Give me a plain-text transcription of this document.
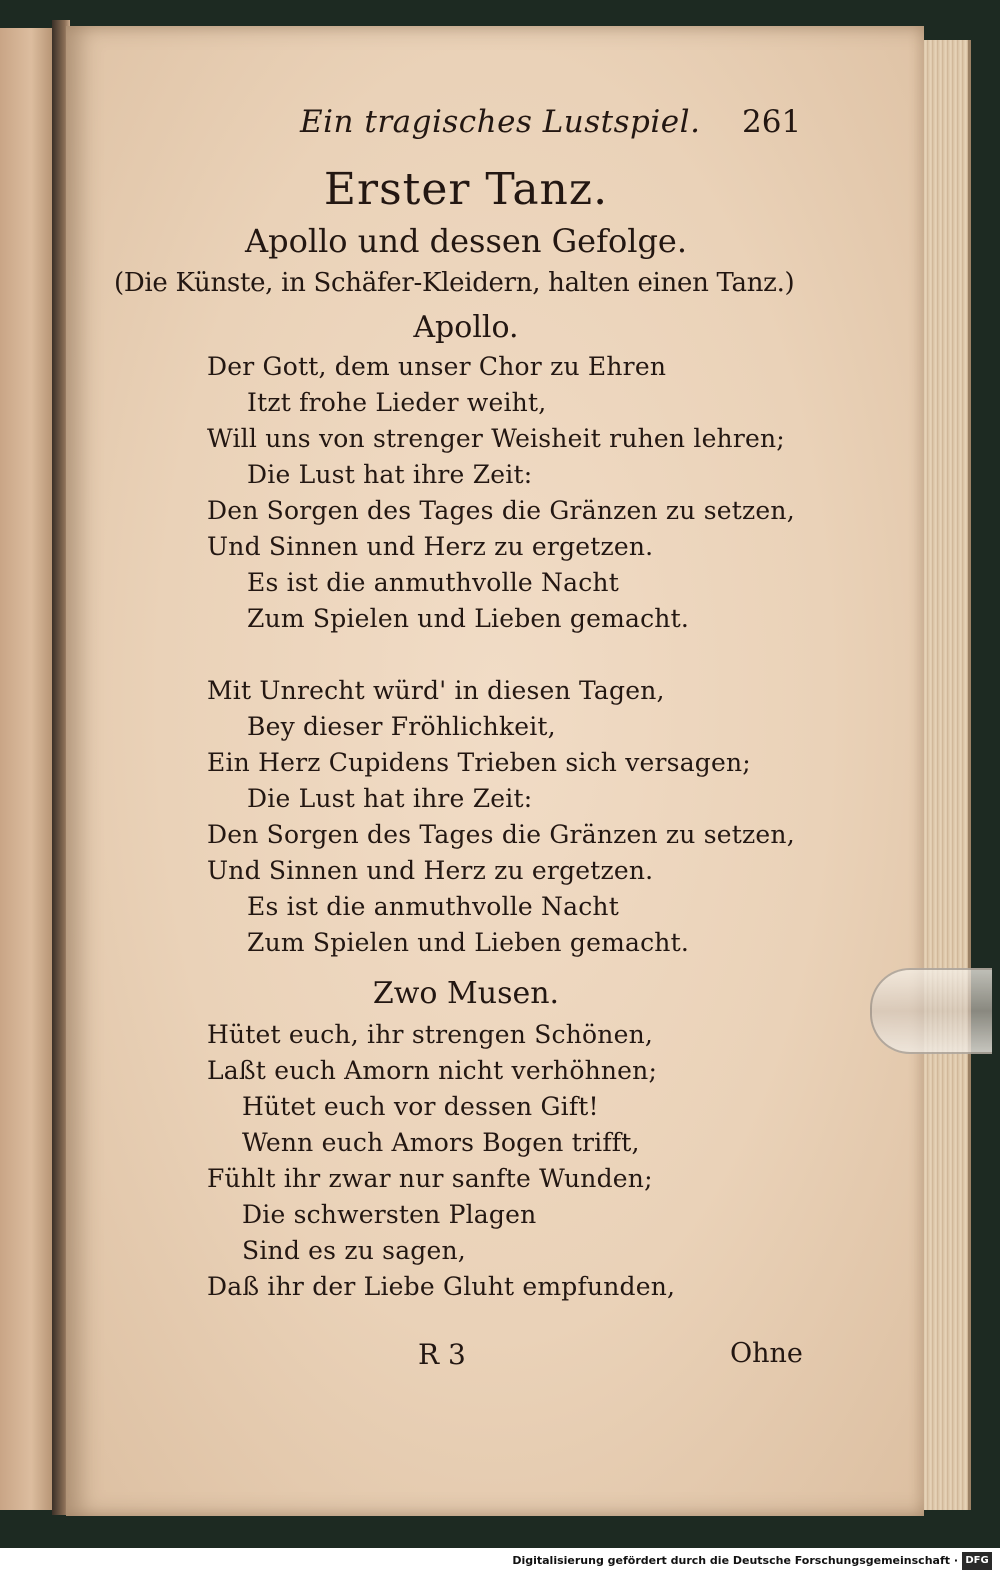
Ein tragisches Lustspiel. 261
Erster Tanz.
Apollo und dessen Gefolge.
(Die Künste, in Schäfer-Kleidern, halten einen Tanz.)
Apollo.
Der Gott, dem unser Chor zu Ehren
Itzt frohe Lieder weiht,
Will uns von strenger Weisheit ruhen lehren;
Die Lust hat ihre Zeit:
Den Sorgen des Tages die Gränzen zu setzen,
Und Sinnen und Herz zu ergetzen.
Es ist die anmuthvolle Nacht
Zum Spielen und Lieben gemacht.
Mit Unrecht würd' in diesen Tagen,
Bey dieser Fröhlichkeit,
Ein Herz Cupidens Trieben sich versagen;
Die Lust hat ihre Zeit:
Den Sorgen des Tages die Gränzen zu setzen,
Und Sinnen und Herz zu ergetzen.
Es ist die anmuthvolle Nacht
Zum Spielen und Lieben gemacht.
Zwo Musen.
Hütet euch, ihr strengen Schönen,
Laßt euch Amorn nicht verhöhnen;
Hütet euch vor dessen Gift!
Wenn euch Amors Bogen trifft,
Fühlt ihr zwar nur sanfte Wunden;
Die schwersten Plagen
Sind es zu sagen,
Daß ihr der Liebe Gluht empfunden,
R 3	Ohne
Digitalisierung gefördert durch die Deutsche Forschungsgemeinschaft · DFG
